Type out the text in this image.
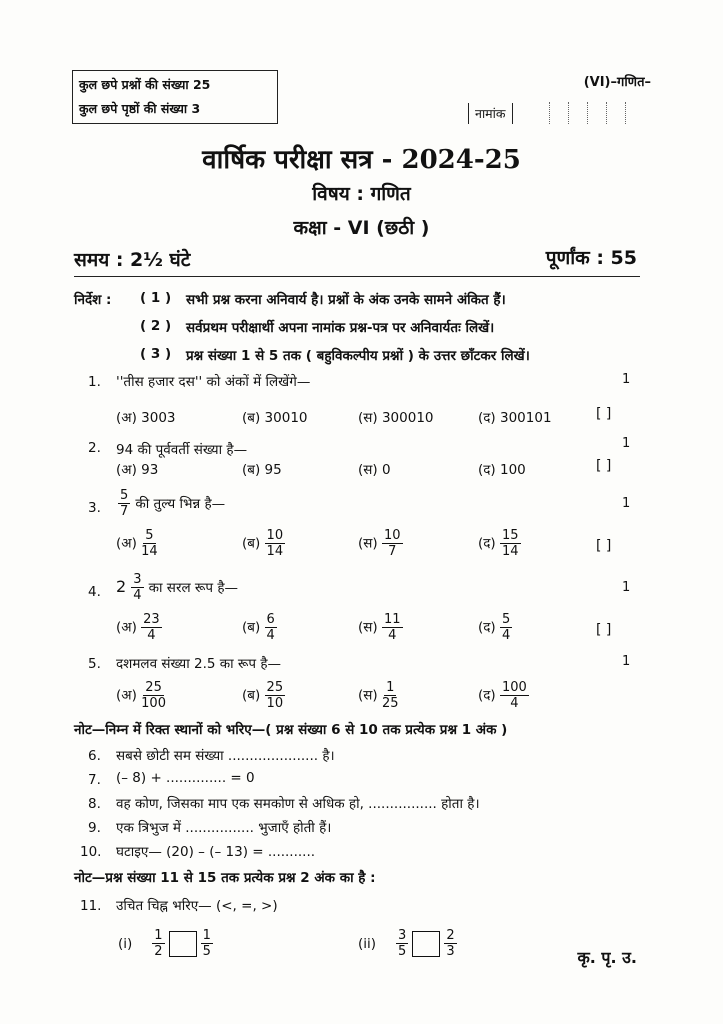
कुल छपे प्रश्नों की संख्या 25
कुल छपे पृष्ठों की संख्या 3
(VI)–गणित–
नामांक
वार्षिक परीक्षा सत्र - 2024-25
विषय : गणित
कक्षा - VI (छठी )
समय : 2½ घंटे	पूर्णांक : 55
निर्देश : ( 1 ) सभी प्रश्न करना अनिवार्य है। प्रश्नों के अंक उनके सामने अंकित हैं।
( 2 ) सर्वप्रथम परीक्षार्थी अपना नामांक प्रश्न-पत्र पर अनिवार्यतः लिखें।
( 3 ) प्रश्न संख्या 1 से 5 तक ( बहुविकल्पीय प्रश्नों ) के उत्तर छाँटकर लिखें।
1. ''तीस हजार दस'' को अंकों में लिखेंगे—	1
(अ) 3003	(ब) 30010	(स) 300010	(द) 300101	[ ]
2. 94 की पूर्ववर्ती संख्या है—	1
(अ) 93	(ब) 95	(स) 0	(द) 100	[ ]
3. $\frac{5}{7}$ की तुल्य भिन्न है—	1
(अ) $\frac{5}{14}$	(ब) $\frac{10}{14}$	(स) $\frac{10}{7}$	(द) $\frac{15}{14}$	[ ]
4. $2 \frac{3}{4}$ का सरल रूप है—	1
(अ) $\frac{23}{4}$	(ब) $\frac{6}{4}$	(स) $\frac{11}{4}$	(द) $\frac{5}{4}$	[ ]
5. दशमलव संख्या 2.5 का रूप है—	1
(अ) $\frac{25}{100}$	(ब) $\frac{25}{10}$	(स) $\frac{1}{25}$	(द) $\frac{100}{4}$
नोट—निम्न में रिक्त स्थानों को भरिए—( प्रश्न संख्या 6 से 10 तक प्रत्येक प्रश्न 1 अंक )
6. सबसे छोटी सम संख्या ..................... है।
7. (– 8) + .............. = 0
8. वह कोण, जिसका माप एक समकोण से अधिक हो, ................ होता है।
9. एक त्रिभुज में ................ भुजाएँ होती हैं।
10. घटाइए— (20) – (– 13) = ...........
नोट—प्रश्न संख्या 11 से 15 तक प्रत्येक प्रश्न 2 अंक का है :
11. उचित चिह्न भरिए— (<, =, >)
$(i) \frac{1}{2}$	$\frac{1}{5}$	$(ii) \frac{3}{5}$	$\frac{2}{3}$	कृ. पृ. उ.
